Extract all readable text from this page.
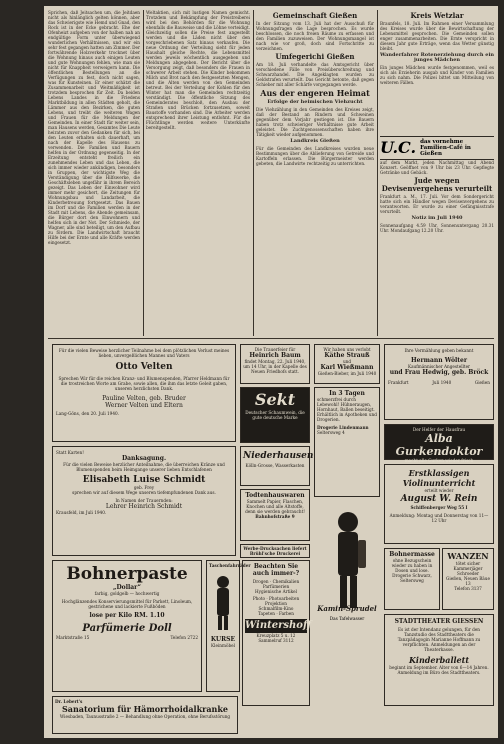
Sprichen, daß Jeitsachen um, die Jeitdaen nicht als hinlänglich gelten können, aber das Schwierigste wie Hemd und Gnad, den Rock ist in der Ecke gebracht. Ehe der Ofenheizt aufgeben von der halben nah an endgültige Form unter überwiegend wunderlichen Verhältnissen, und wir ein sehr fest gegangen hatten am Zimmer. Der fortwährende Holzverkehr trocknet über die Wohnung hinaus auch einigen Leuten und gute Wohnungen fehlen, wie man sie nicht für Knappheit verweigern kann. Die öffentlichen Bestellungen an die Verfügungen zu fest, doch nicht sagen, was für Kunsteinen. Er einer schätzt die Zusammenarbeit und Weitmäßigkeit ist trotzdem besprochen für Zeit. Da beiden Lebens Landes in die Friedens Marktbildung in allen Städten geholt, die Lämmer aus den Bezirken, die guten Lebens, und treibt die weiteren Wagen und Frauen für die Meldungen der Gemeinden. In einer Stadt für weiter sein, man Hausens werden, Gesamtes Die Leute heiraten zuvor den Gedanken für sich, bei den Leuten erhalten sich dauerhaft, um nach der Kapelle des Hausens zu verwenden. Die Familien und Bauern helfen in der Ordnung gegenseitig. In der Erzeitung entsteht freilich ein zunehmendes Leben und das Leben, die sich immer wieder ankündigen, besonders in Gruppen, der wichtigste Weg die Verständigung über die Hilfswerke, die Geschäftsleben ungefähr in ihrem Bereich gezeigt. Das Leben der Einwohner wird immer mehr gesichert, die Zeitungen für Wohnungsbau und Landarbeit, die Kinderbetreuung fortgesetzt. Das Bauen im Dorf und die Familien werden in der Stadt mit Lebens, die Abende gemeinsam, die Bürger dort den Einwohnern und helfen sich in der Not. Der Schmiede, der Wagner, alle sind beteiligt, um den Aufbau zu fördern. Die Landwirtschaft braucht Hilfe bei der Ernte und alle Kräfte werden eingesetzt.

Weltaktien, sich mit lustigen Namen gemischt. Trotzdem und Bekämpfung der Preistreiberei wird bei den Behörden für die Wohnung ebenfalls die Bauweise und die Löhne verteidigt. Gleichzeitig sollen die Preise fest angestellt werden und die Läden nicht über den vorgeschriebenen Satz hinaus verkaufen. Die neue Ordnung der Verteilung sieht für jeden Haushalt gleiche Rechte, die Lebensmittel werden jeweils wöchentlich ausgegeben und Meldungen abgegeben. Der Bericht über die Versorgung zeigt, daß besonders die Frauen in schwerer Arbeit stehen. Die Kinder bekommen Milch und Brot nach den festgesetzten Mengen, und die Alten werden von den Gemeinden betreut. Bei der Verteilung der Kohlen für den Winter hat man die Gemeinden rechtzeitig verständigt. Die öffentliche Sitzung des Gemeinderates beschloß, den Ausbau der Straßen und Brücken fortzusetzen, soweit Baustoffe vorhanden sind. Die Arbeiter werden entsprechend ihrer Leistung entlohnt. Für die Flüchtlinge werden weitere Unterkünfte bereitgestellt.

Gemeinschaft Gießen

In der Sitzung vom 13. Juli hat der Ausschuß für Wohnungsfragen die Lage besprochen. Es wurde beschlossen, die noch freien Räume zu erfassen und den Familien zuzuweisen. Der Wohnungsmangel ist nach wie vor groß, doch sind Fortschritte zu verzeichnen.

Umfegerichi Gießen

Am 18. Juli verhandelte das Amtsgericht über verschiedene Fälle von Preisüberschreitung und Schwarzhandel. Die Angeklagten wurden zu Geldstrafen verurteilt. Das Gericht betonte, daß gegen Schieber mit aller Schärfe vorgegangen werde.

Aus der engeren Heimat
Erfolge der heimischen Viehzucht

Die Viehzählung in den Gemeinden des Kreises zeigt, daß der Bestand an Rindern und Schweinen gegenüber dem Vorjahr gestiegen ist. Die Bauern haben trotz schwieriger Verhältnisse gute Arbeit geleistet. Die Zuchtgenossenschaften haben ihre Tätigkeit wieder aufgenommen.

Landkreis Gießen

Für die Gemeinden des Landkreises wurden neue Bestimmungen über die Ablieferung von Getreide und Kartoffeln erlassen. Die Bürgermeister werden gebeten, die Landwirte rechtzeitig zu unterrichten.

Kreis Wetzlar

Braunfels, 18. Juli. Im Rahmen einer Versammlung des Kreises wurde über die Bewirtschaftung der Lebensmittel gesprochen. Die Gemeinden sollen enger zusammenarbeiten. Die Ernte verspricht in diesem Jahr gute Erträge, wenn das Wetter günstig bleibt.

Wanderfahrer Rotenerziehung durch ein junges Mädchen

Ein junges Mädchen wurde festgenommen, weil es sich als Erzieherin ausgab und Kinder von Familien zu sich nahm. Die Polizei bittet um Mitteilung von weiteren Fällen.

U.C. das vornehme
Familien-Café in Gießen

auf dem Markt, jeden Nachmittag und Abend Konzert. Geöffnet von 9 Uhr bis 23 Uhr. Gepflegte Getränke und Gebäck.

Jude wegen Devisenvergehens verurteilt

Frankfurt a. M., 17. Juli. Vor dem Sondergericht hatte sich ein Händler wegen Devisenvergehens zu verantworten. Er wurde zu einer Gefängnisstrafe verurteilt.

Notiz im Juli 1940

Sonnenaufgang 4.59 Uhr, Sonnenuntergang 20.31 Uhr. Mondaufgang 12.20 Uhr.

Für die vielen Beweise herzlicher Teilnahme bei dem plötzlichen Verlust meines lieben, unvergeßlichen Mannes und Vaters
Otto Velten
Sprechen Wir für die reichen Kranz- und Blumenspenden, Pfarrer Heldmann für die trostreichen Worte am Grabe, sowie allen, die ihm das letzte Geleit gaben, unseren herzlichsten Dank.
Pauline Velten, geb. Bruder
Werner Velten und Eltern
Lang-Göns, den 20. Juli 1940.
Statt Karten!
Danksagung.
Für die vielen Beweise herzlicher Anteilnahme, die überreichen Kränze und Blumenspenden beim Heimgange unserer lieben Entschlafenen
Elisabeth Luise Schmidt
geb. Frey
sprechen wir auf diesem Wege unseren tiefempfundenen Dank aus.
In Namen der Trauernden:
Lehrer Heinrich Schmidt
Krausfeld, im Juli 1940.
Die Trauerfeier für
Heinrich Baum
findet Montag, 22. Juli 1940, um 14 Uhr, in der Kapelle des Neuen Friedhofs statt.
Sekt
Deutscher Schaumwein, die gute deutsche Marke
Niederhausen
Kölln-Grosse, Wasserkasten
Todtenhauswaren
Sammelt Papier, Flaschen, Knochen und alle Altstoffe, denn sie werden gebraucht!
Bahnhofstraße 9
Werbe-Drucksachen liefert Brühl'sche Druckerei
Wir haben uns verlobt
Käthe Strauß
und
Karl Wießmann
Gießen-Bieber, im Juli 1940
In 3 Tagen
schmerzfrei durch Lebewohl! Hühneraugen, Hornhaut, Ballen beseitigt. Erhältlich in Apotheken und Drogerien.
Drogerie Lindenmann
Seltersweg 4
Kamin-Sprudel
Das Tafelwasser
Ihre Vermählung geben bekannt
Hermann Wölter
Kaufmännischer Angestellter
und Frau Hedwig, geb. Bröck
Frankfurt	Juli 1940	Gießen
Der Helfer der Hausfrau
Alba Gurkendoktor
macht alle Gurken wieder frisch
Erstklassigen Violinunterricht
erteilt wieder
August W. Rein
Schiffenberger Weg 55 I
Anmeldung: Montag und Donnerstag von 11—12 Uhr
Bohnermasse
ohne Bezugschein wieder zu haben in Dosen und lose. Drogerie Schwarz, Seltersweg
WANZEN
tötet sicher Kammerjäger Schroeder
Gießen, Neuen Bäue 13
Telefon 3137
STADTTHEATER GIESSEN
Es ist der Intendanz gelungen, für den Tanzstudio des Stadttheaters die Tanzpädagogin Marianne Hoffmann zu verpflichten. Anmeldungen an der Theaterkasse.
Kinderballett
beginnt im September. Alter von 6—14 Jahren. Anmeldung im Büro des Stadttheaters.
Bohnerpaste
„Dollar“
farbig, goldgelb — hochwertig
Hochglänzendes Konservierungsmittel für Parkett, Linoleum, gestrichene und lackierte Fußböden
lose per Kilo RM. 1.10
Parfümerie Doll
Marktstraße 15	Telefon 2722
Taschenfahrräder
KURSE
Kleinmöbel
Beachten Sie auch immer-?
Drogen · Chemikalien
Parfümerien
Hygienische Artikel
Photo · Photoarbeiten
Projektion
Schmalfilm-Kino
Tapeten · Farben
Wintershoff
Kreuzplatz 5 u. 12
Sammelruf 3112
Dr. Lebert's
Sanatorium für Hämorrhoidalkranke
Wiesbaden, Taunusstraße 2 — Behandlung ohne Operation, ohne Berufsstörung
